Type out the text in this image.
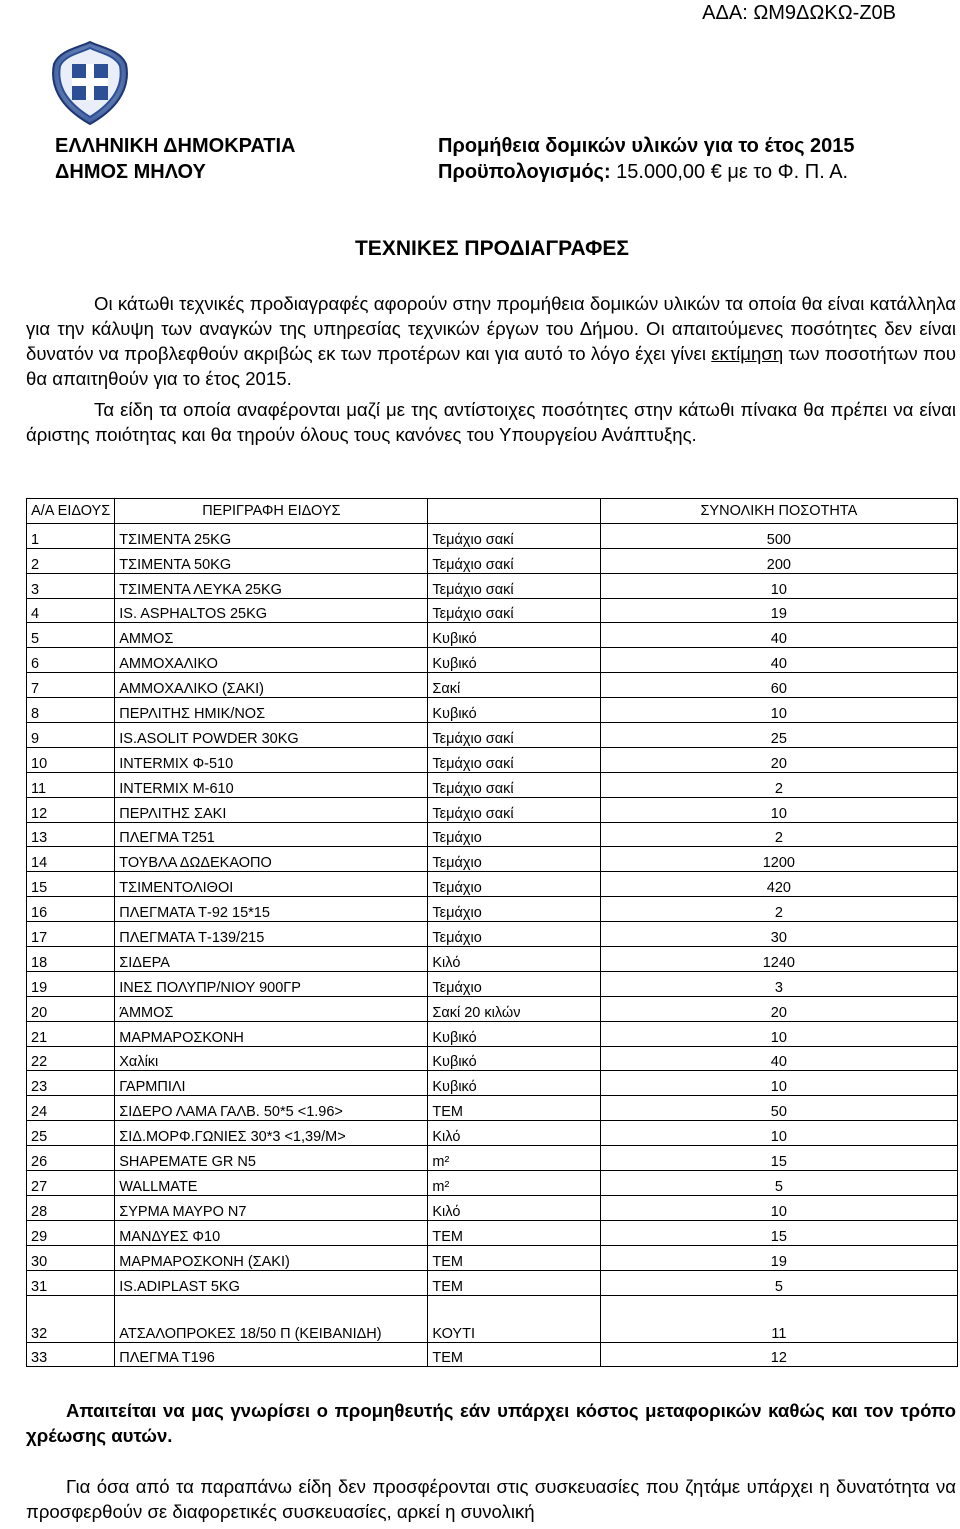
ΑΔΑ: ΩΜ9ΔΩΚΩ-Ζ0Β
ΕΛΛΗΝΙΚΗ ΔΗΜΟΚΡΑΤΙΑ
ΔΗΜΟΣ ΜΗΛΟΥ
Προμήθεια δομικών υλικών για το έτος 2015
Προϋπολογισμός: 15.000,00 € με το Φ. Π. Α.
ΤΕΧΝΙΚΕΣ ΠΡΟΔΙΑΓΡΑΦΕΣ
Οι κάτωθι τεχνικές προδιαγραφές αφορούν στην προμήθεια δομικών υλικών τα οποία θα είναι κατάλληλα για την κάλυψη των αναγκών της υπηρεσίας τεχνικών έργων του Δήμου. Οι απαιτούμενες ποσότητες δεν είναι δυνατόν να προβλεφθούν ακριβώς εκ των προτέρων και για αυτό το λόγο έχει γίνει εκτίμηση των ποσοτήτων που θα απαιτηθούν για το έτος 2015.
Τα είδη τα οποία αναφέρονται μαζί με της αντίστοιχες ποσότητες στην κάτωθι πίνακα θα πρέπει να είναι άριστης ποιότητας και θα τηρούν όλους τους κανόνες του Υπουργείου Ανάπτυξης.
Α/Α ΕΙΔΟΥΣ	ΠΕΡΙΓΡΑΦΗ ΕΙΔΟΥΣ		ΣΥΝΟΛΙΚΗ ΠΟΣΟΤΗΤΑ
1	ΤΣΙΜΕΝΤΑ 25KG	Τεμάχιο σακί	500
2	ΤΣΙΜΕΝΤΑ 50KG	Τεμάχιο σακί	200
3	ΤΣΙΜΕΝΤΑ ΛΕΥΚΑ 25KG	Τεμάχιο σακί	10
4	IS. ASPHALTOS 25KG	Τεμάχιο σακί	19
5	ΑΜΜΟΣ	Κυβικό	40
6	ΑΜΜΟΧΑΛΙΚΟ	Κυβικό	40
7	ΑΜΜΟΧΑΛΙΚΟ (ΣΑΚΙ)	Σακί	60
8	ΠΕΡΛΙΤΗΣ ΗΜΙΚ/ΝΟΣ	Κυβικό	10
9	IS.ASOLIT POWDER 30KG	Τεμάχιο σακί	25
10	INTERMIX Φ-510	Τεμάχιο σακί	20
11	INTERMIX M-610	Τεμάχιο σακί	2
12	ΠΕΡΛΙΤΗΣ ΣΑΚΙ	Τεμάχιο σακί	10
13	ΠΛΕΓΜΑ Τ251	Τεμάχιο	2
14	ΤΟΥΒΛΑ ΔΩΔΕΚΑΟΠΟ	Τεμάχιο	1200
15	ΤΣΙΜΕΝΤΟΛΙΘΟΙ	Τεμάχιο	420
16	ΠΛΕΓΜΑΤΑ Τ-92 15*15	Τεμάχιο	2
17	ΠΛΕΓΜΑΤΑ Τ-139/215	Τεμάχιο	30
18	ΣΙΔΕΡΑ	Κιλό	1240
19	ΙΝΕΣ ΠΟΛΥΠΡ/ΝΙΟΥ 900ΓΡ	Τεμάχιο	3
20	ΆΜΜΟΣ	Σακί 20 κιλών	20
21	ΜΑΡΜΑΡΟΣΚΟΝΗ	Κυβικό	10
22	Χαλίκι	Κυβικό	40
23	ΓΑΡΜΠΙΛΙ	Κυβικό	10
24	ΣΙΔΕΡΟ ΛΑΜΑ ΓΑΛΒ. 50*5 <1.96>	ΤΕΜ	50
25	ΣΙΔ.ΜΟΡΦ.ΓΩΝΙΕΣ 30*3 <1,39/Μ>	Κιλό	10
26	SHAPEMATE GR N5	m²	15
27	WALLMATE	m²	5
28	ΣΥΡΜΑ ΜΑΥΡΟ Ν7	Κιλό	10
29	ΜΑΝΔΥΕΣ Φ10	ΤΕΜ	15
30	ΜΑΡΜΑΡΟΣΚΟΝΗ (ΣΑΚΙ)	ΤΕΜ	19
31	IS.ADIPLAST 5KG	ΤΕΜ	5
32	ΑΤΣΑΛΟΠΡΟΚΕΣ 18/50 Π (ΚΕΙΒΑΝΙΔΗ)	ΚΟΥΤΙ	11
33	ΠΛΕΓΜΑ Τ196	ΤΕΜ	12
Απαιτείται να μας γνωρίσει ο προμηθευτής εάν υπάρχει κόστος μεταφορικών καθώς και τον τρόπο χρέωσης αυτών.
Για όσα από τα παραπάνω είδη δεν προσφέρονται στις συσκευασίες που ζητάμε υπάρχει η δυνατότητα να προσφερθούν σε διαφορετικές συσκευασίες, αρκεί η συνολική
